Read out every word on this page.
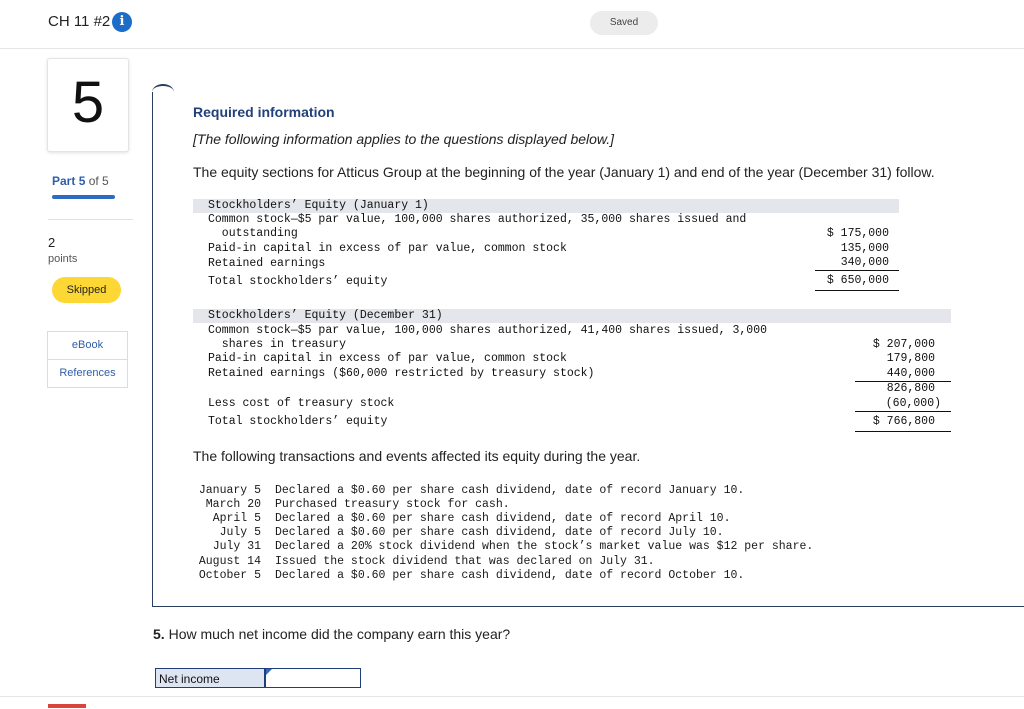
CH 11 #2 i	Saved
5
Part 5 of 5
2
points
Skipped
eBook
References
Required information
[The following information applies to the questions displayed below.]
The equity sections for Atticus Group at the beginning of the year (January 1) and end of the year (December 31) follow.
Stockholders’ Equity (January 1)
Common stock—$5 par value, 100,000 shares authorized, 35,000 shares issued and
outstanding
Paid-in capital in excess of par value, common stock
Retained earnings
Total stockholders’ equity
$ 175,000
135,000
340,000
$ 650,000
Stockholders’ Equity (December 31)
Common stock—$5 par value, 100,000 shares authorized, 41,400 shares issued, 3,000
shares in treasury
Paid-in capital in excess of par value, common stock
Retained earnings ($60,000 restricted by treasury stock)
Less cost of treasury stock
Total stockholders’ equity
$ 207,000
179,800
440,000
826,800
(60,000)
$ 766,800
The following transactions and events affected its equity during the year.
January 5 Declared a $0.60 per share cash dividend, date of record January 10.
March 20 Purchased treasury stock for cash.
April 5 Declared a $0.60 per share cash dividend, date of record April 10.
July 5 Declared a $0.60 per share cash dividend, date of record July 10.
July 31 Declared a 20% stock dividend when the stock’s market value was $12 per share.
August 14 Issued the stock dividend that was declared on July 31.
October 5 Declared a $0.60 per share cash dividend, date of record October 10.
5. How much net income did the company earn this year?
Net income
